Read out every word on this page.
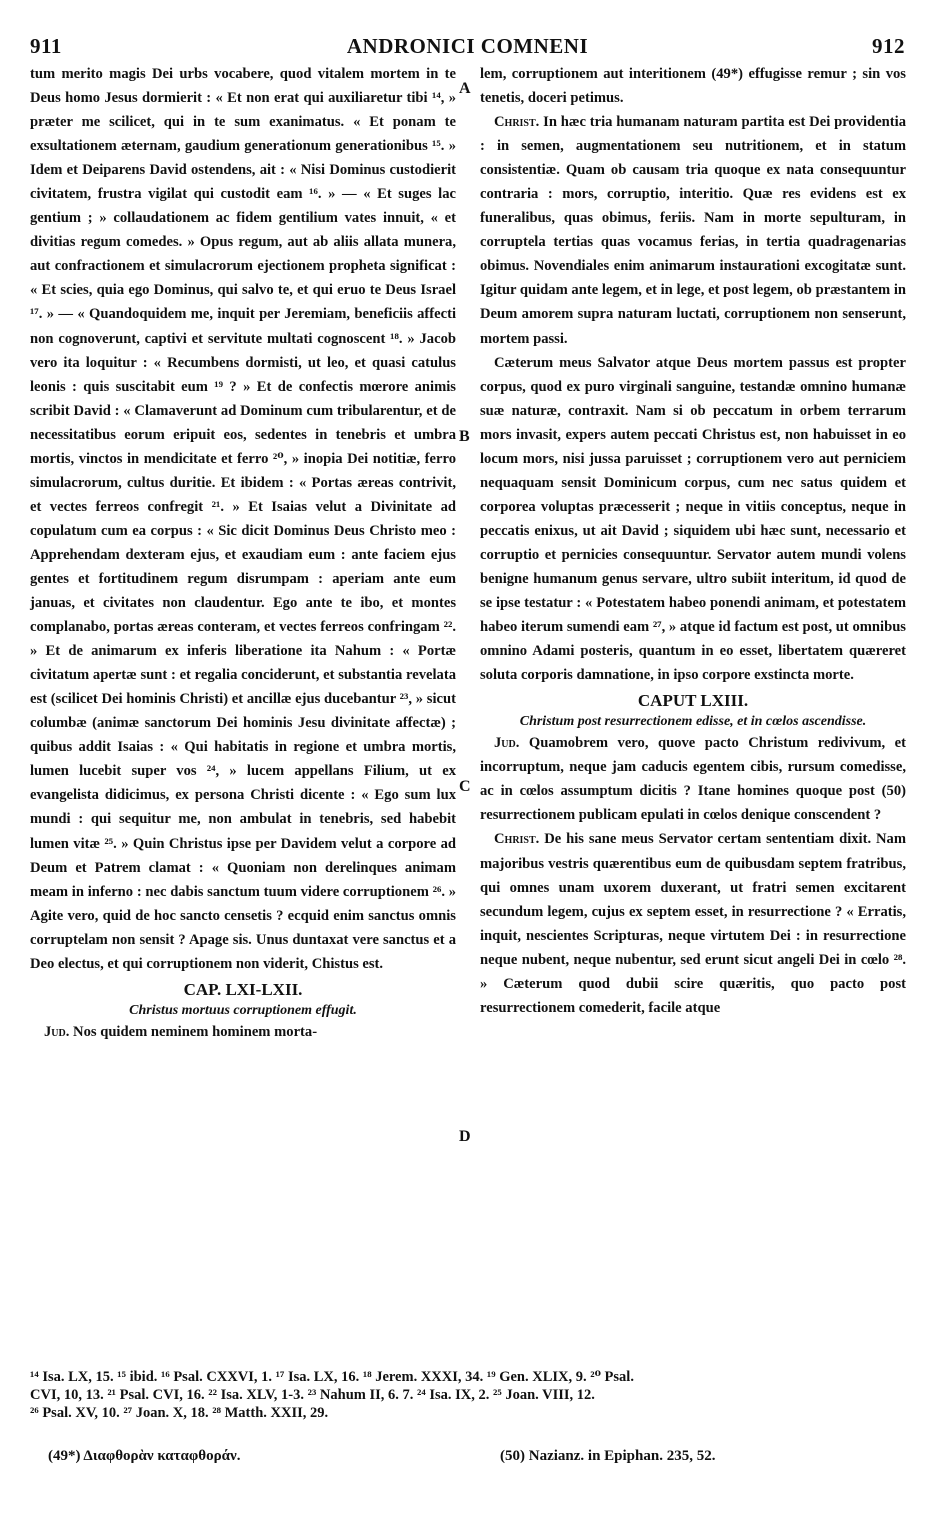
911	ANDRONICI COMNENI	912
A
B
C
D

tum merito magis Dei urbs vocabere, quod vitalem mortem in te Deus homo Jesus dormierit : « Et non erat qui auxiliaretur tibi ¹⁴, » præter me scilicet, qui in te sum exanimatus. « Et ponam te exsultationem æternam, gaudium generationum generationibus ¹⁵. » Idem et Deiparens David ostendens, ait : « Nisi Dominus custodierit civitatem, frustra vigilat qui custodit eam ¹⁶. » — « Et suges lac gentium ; » collaudationem ac fidem gentilium vates innuit, « et divitias regum comedes. » Opus regum, aut ab aliis allata munera, aut confractionem et simulacrorum ejectionem propheta significat : « Et scies, quia ego Dominus, qui salvo te, et qui eruo te Deus Israel ¹⁷. » — « Quandoquidem me, inquit per Jeremiam, beneficiis affecti non cognoverunt, captivi et servitute multati cognoscent ¹⁸. » Jacob vero ita loquitur : « Recumbens dormisti, ut leo, et quasi catulus leonis : quis suscitabit eum ¹⁹ ? » Et de confectis mœrore animis scribit David : « Clamaverunt ad Dominum cum tribularentur, et de necessitatibus eorum eripuit eos, sedentes in tenebris et umbra mortis, vinctos in mendicitate et ferro ²⁰, » inopia Dei notitiæ, ferro simulacrorum, cultus duritie. Et ibidem : « Portas æreas contrivit, et vectes ferreos confregit ²¹. » Et Isaias velut a Divinitate ad copulatum cum ea corpus : « Sic dicit Dominus Deus Christo meo : Apprehendam dexteram ejus, et exaudiam eum : ante faciem ejus gentes et fortitudinem regum disrumpam : aperiam ante eum januas, et civitates non claudentur. Ego ante te ibo, et montes complanabo, portas æreas conteram, et vectes ferreos confringam ²². » Et de animarum ex inferis liberatione ita Nahum : « Portæ civitatum apertæ sunt : et regalia conciderunt, et substantia revelata est (scilicet Dei hominis Christi) et ancillæ ejus ducebantur ²³, » sicut columbæ (animæ sanctorum Dei hominis Jesu divinitate affectæ) ; quibus addit Isaias : « Qui habitatis in regione et umbra mortis, lumen lucebit super vos ²⁴, » lucem appellans Filium, ut ex evangelista didicimus, ex persona Christi dicente : « Ego sum lux mundi : qui sequitur me, non ambulat in tenebris, sed habebit lumen vitæ ²⁵. » Quin Christus ipse per Davidem velut a corpore ad Deum et Patrem clamat : « Quoniam non derelinques animam meam in inferno : nec dabis sanctum tuum videre corruptionem ²⁶. » Agite vero, quid de hoc sancto censetis ? ecquid enim sanctus omnis corruptelam non sensit ? Apage sis. Unus duntaxat vere sanctus et a Deo electus, et qui corruptionem non viderit, Chistus est.

CAP. LXI-LXII.

Christus mortuus corruptionem effugit.

Jud. Nos quidem neminem hominem morta-

lem, corruptionem aut interitionem (49*) effugisse remur ; sin vos tenetis, doceri petimus.

Christ. In hæc tria humanam naturam partita est Dei providentia : in semen, augmentationem seu nutritionem, et in statum consistentiæ. Quam ob causam tria quoque ex nata consequuntur contraria : mors, corruptio, interitio. Quæ res evidens est ex funeralibus, quas obimus, feriis. Nam in morte sepulturam, in corruptela tertias quas vocamus ferias, in tertia quadragenarias obimus. Novendiales enim animarum instaurationi excogitatæ sunt. Igitur quidam ante legem, et in lege, et post legem, ob præstantem in Deum amorem supra naturam luctati, corruptionem non senserunt, mortem passi.

Cæterum meus Salvator atque Deus mortem passus est propter corpus, quod ex puro virginali sanguine, testandæ omnino humanæ suæ naturæ, contraxit. Nam si ob peccatum in orbem terrarum mors invasit, expers autem peccati Christus est, non habuisset in eo locum mors, nisi jussa paruisset ; corruptionem vero aut perniciem nequaquam sensit Dominicum corpus, cum nec satus quidem et corporea voluptas præcesserit ; neque in vitiis conceptus, neque in peccatis enixus, ut ait David ; siquidem ubi hæc sunt, necessario et corruptio et pernicies consequuntur. Servator autem mundi volens benigne humanum genus servare, ultro subiit interitum, id quod de se ipse testatur : « Potestatem habeo ponendi animam, et potestatem habeo iterum sumendi eam ²⁷, » atque id factum est post, ut omnibus omnino Adami posteris, quantum in eo esset, libertatem quæreret soluta corporis damnatione, in ipso corpore exstincta morte.

CAPUT LXIII.

Christum post resurrectionem edisse, et in cœlos ascendisse.

Jud. Quamobrem vero, quove pacto Christum redivivum, et incorruptum, neque jam caducis egentem cibis, rursum comedisse, ac in cœlos assumptum dicitis ? Itane homines quoque post (50) resurrectionem publicam epulati in cœlos denique conscendent ?

Christ. De his sane meus Servator certam sententiam dixit. Nam majoribus vestris quærentibus eum de quibusdam septem fratribus, qui omnes unam uxorem duxerant, ut fratri semen excitarent secundum legem, cujus ex septem esset, in resurrectione ? « Erratis, inquit, nescientes Scripturas, neque virtutem Dei : in resurrectione neque nubent, neque nubentur, sed erunt sicut angeli Dei in cœlo ²⁸. » Cæterum quod dubii scire quæritis, quo pacto post resurrectionem comederit, facile atque

¹⁴ Isa. LX, 15. ¹⁵ ibid. ¹⁶ Psal. CXXVI, 1. ¹⁷ Isa. LX, 16. ¹⁸ Jerem. XXXI, 34. ¹⁹ Gen. XLIX, 9. ²⁰ Psal.
CVI, 10, 13. ²¹ Psal. CVI, 16. ²² Isa. XLV, 1-3. ²³ Nahum II, 6. 7. ²⁴ Isa. IX, 2. ²⁵ Joan. VIII, 12.
²⁶ Psal. XV, 10. ²⁷ Joan. X, 18. ²⁸ Matth. XXII, 29.
(49*) Διαφθορὰν καταφθοράν.	(50) Nazianz. in Epiphan. 235, 52.
